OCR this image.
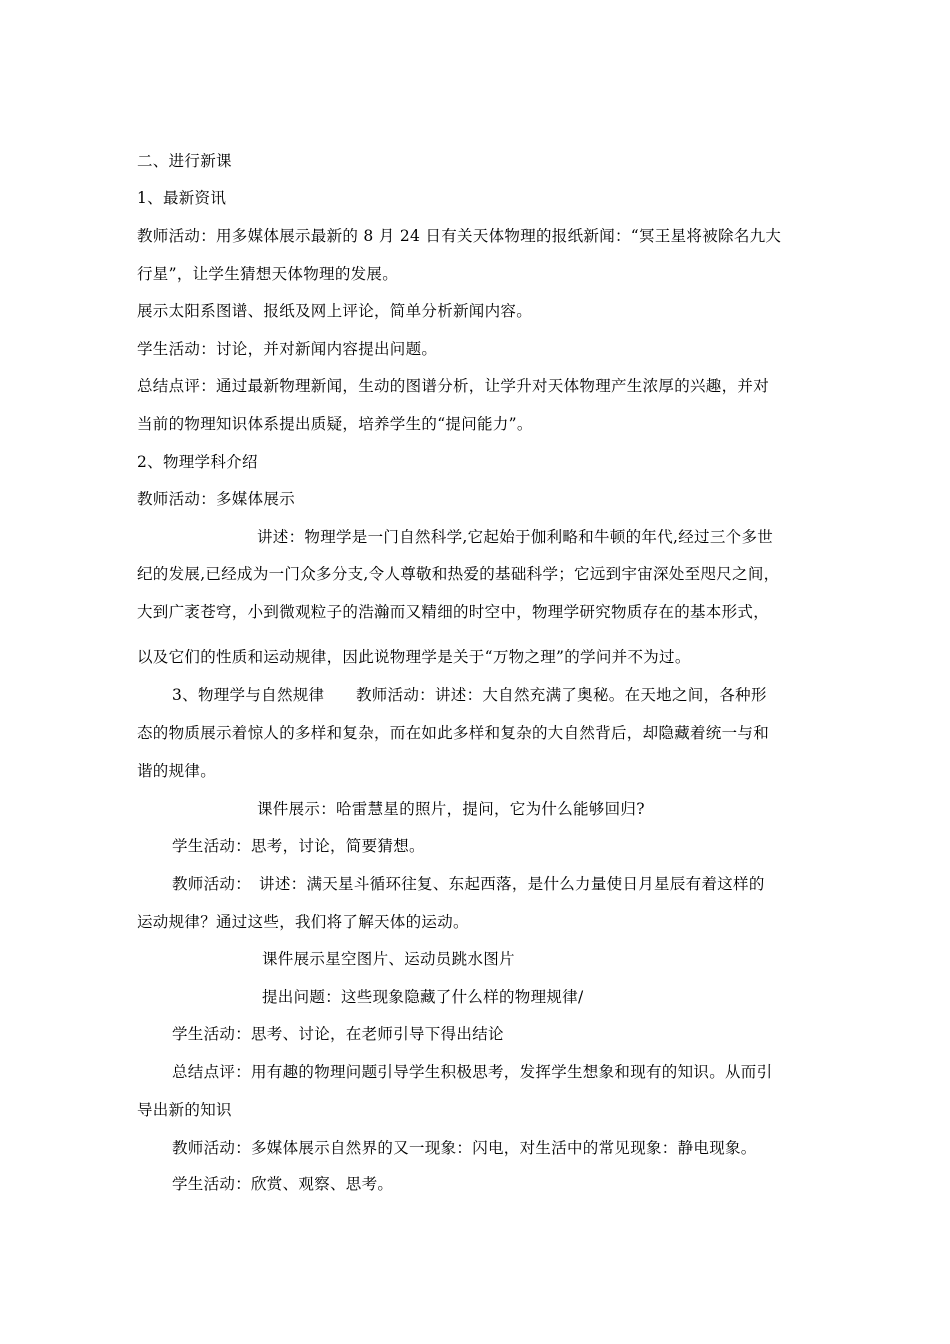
二、进行新课
1、最新资讯
教师活动：用多媒体展示最新的 8 月 24 日有关天体物理的报纸新闻：“冥王星将被除名九大
行星”，让学生猜想天体物理的发展。
展示太阳系图谱、报纸及网上评论，简单分析新闻内容。
学生活动：讨论，并对新闻内容提出问题。
总结点评：通过最新物理新闻，生动的图谱分析，让学升对天体物理产生浓厚的兴趣，并对
当前的物理知识体系提出质疑，培养学生的“提问能力”。
2、物理学科介绍
教师活动：多媒体展示
讲述：物理学是一门自然科学,它起始于伽利略和牛顿的年代,经过三个多世
纪的发展,已经成为一门众多分支,令人尊敬和热爱的基础科学；它远到宇宙深处至咫尺之间，
大到广袤苍穹，小到微观粒子的浩瀚而又精细的时空中，物理学研究物质存在的基本形式，
以及它们的性质和运动规律，因此说物理学是关于“万物之理”的学问并不为过。
3、物理学与自然规律　　教师活动：讲述：大自然充满了奥秘。在天地之间，各种形
态的物质展示着惊人的多样和复杂，而在如此多样和复杂的大自然背后，却隐藏着统一与和
谐的规律。
课件展示：哈雷慧星的照片，提问，它为什么能够回归?
学生活动：思考，讨论，简要猜想。
教师活动：　讲述：满天星斗循环往复、东起西落，是什么力量使日月星辰有着这样的
运动规律？通过这些，我们将了解天体的运动。
课件展示星空图片、运动员跳水图片
提出问题：这些现象隐藏了什么样的物理规律/
学生活动：思考、讨论，在老师引导下得出结论
总结点评：用有趣的物理问题引导学生积极思考，发挥学生想象和现有的知识。从而引
导出新的知识
教师活动：多媒体展示自然界的又一现象：闪电，对生活中的常见现象：静电现象。
学生活动：欣赏、观察、思考。
